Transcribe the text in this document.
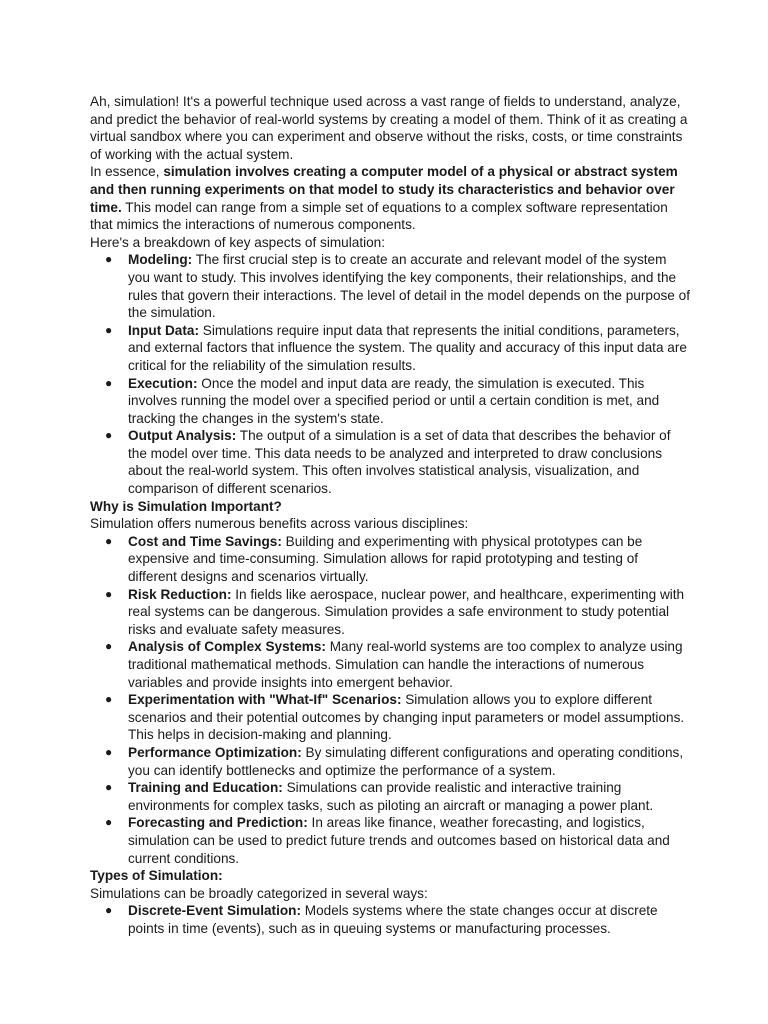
Ah, simulation! It's a powerful technique used across a vast range of fields to understand, analyze, and predict the behavior of real-world systems by creating a model of them. Think of it as creating a virtual sandbox where you can experiment and observe without the risks, costs, or time constraints of working with the actual system.

In essence, simulation involves creating a computer model of a physical or abstract system and then running experiments on that model to study its characteristics and behavior over time. This model can range from a simple set of equations to a complex software representation that mimics the interactions of numerous components.

Here's a breakdown of key aspects of simulation:

● Modeling: The first crucial step is to create an accurate and relevant model of the system you want to study. This involves identifying the key components, their relationships, and the rules that govern their interactions. The level of detail in the model depends on the purpose of the simulation.
● Input Data: Simulations require input data that represents the initial conditions, parameters, and external factors that influence the system. The quality and accuracy of this input data are critical for the reliability of the simulation results.
● Execution: Once the model and input data are ready, the simulation is executed. This involves running the model over a specified period or until a certain condition is met, and tracking the changes in the system's state.
● Output Analysis: The output of a simulation is a set of data that describes the behavior of the model over time. This data needs to be analyzed and interpreted to draw conclusions about the real-world system. This often involves statistical analysis, visualization, and comparison of different scenarios.

Why is Simulation Important?

Simulation offers numerous benefits across various disciplines:

● Cost and Time Savings: Building and experimenting with physical prototypes can be expensive and time-consuming. Simulation allows for rapid prototyping and testing of different designs and scenarios virtually.
● Risk Reduction: In fields like aerospace, nuclear power, and healthcare, experimenting with real systems can be dangerous. Simulation provides a safe environment to study potential risks and evaluate safety measures.
● Analysis of Complex Systems: Many real-world systems are too complex to analyze using traditional mathematical methods. Simulation can handle the interactions of numerous variables and provide insights into emergent behavior.
● Experimentation with "What-If" Scenarios: Simulation allows you to explore different scenarios and their potential outcomes by changing input parameters or model assumptions. This helps in decision-making and planning.
● Performance Optimization: By simulating different configurations and operating conditions, you can identify bottlenecks and optimize the performance of a system.
● Training and Education: Simulations can provide realistic and interactive training environments for complex tasks, such as piloting an aircraft or managing a power plant.
● Forecasting and Prediction: In areas like finance, weather forecasting, and logistics, simulation can be used to predict future trends and outcomes based on historical data and current conditions.

Types of Simulation:

Simulations can be broadly categorized in several ways:

● Discrete-Event Simulation: Models systems where the state changes occur at discrete points in time (events), such as in queuing systems or manufacturing processes.
